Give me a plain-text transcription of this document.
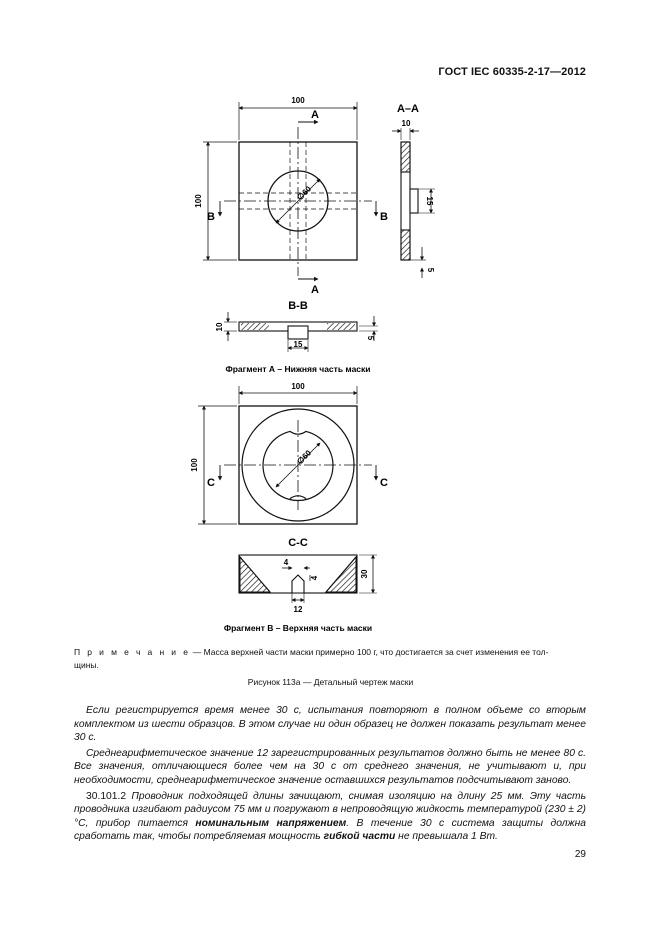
ГОСТ IEC 60335-2-17—2012
100
100	∅60
А
А
В	В
А–А
10
15
5
В-В
10
5
15
Фрагмент А – Нижняя часть маски
100
100	∅60
С	С
С-С
4
4
12
30
Фрагмент В – Верхняя часть маски
П р и м е ч а н и е — Масса верхней части маски примерно 100 г, что достигается за счет изменения ее тол-
щины.
Рисунок 113а — Детальный чертеж маски

Если регистрируется время менее 30 с, испытания повторяют в полном объеме со вторым комплектом из шести образцов. В этом случае ни один образец не должен показать результат менее 30 с.

Среднеарифметическое значение 12 зарегистрированных результатов должно быть не менее 80 с. Все значения, отличающиеся более чем на 30 с от среднего значения, не учитывают и, при необходимости, среднеарифметическое значение оставшихся результатов подсчитывают заново.

30.101.2 Проводник подходящей длины зачищают, снимая изоляцию на длину 25 мм. Эту часть проводника изгибают радиусом 75 мм и погружают в непроводящую жидкость температурой (230 ± 2) °С, прибор питается номинальным напряжением. В течение 30 с система защиты должна сработать так, чтобы потребляемая мощность гибкой части не превышала 1 Вт.

29
